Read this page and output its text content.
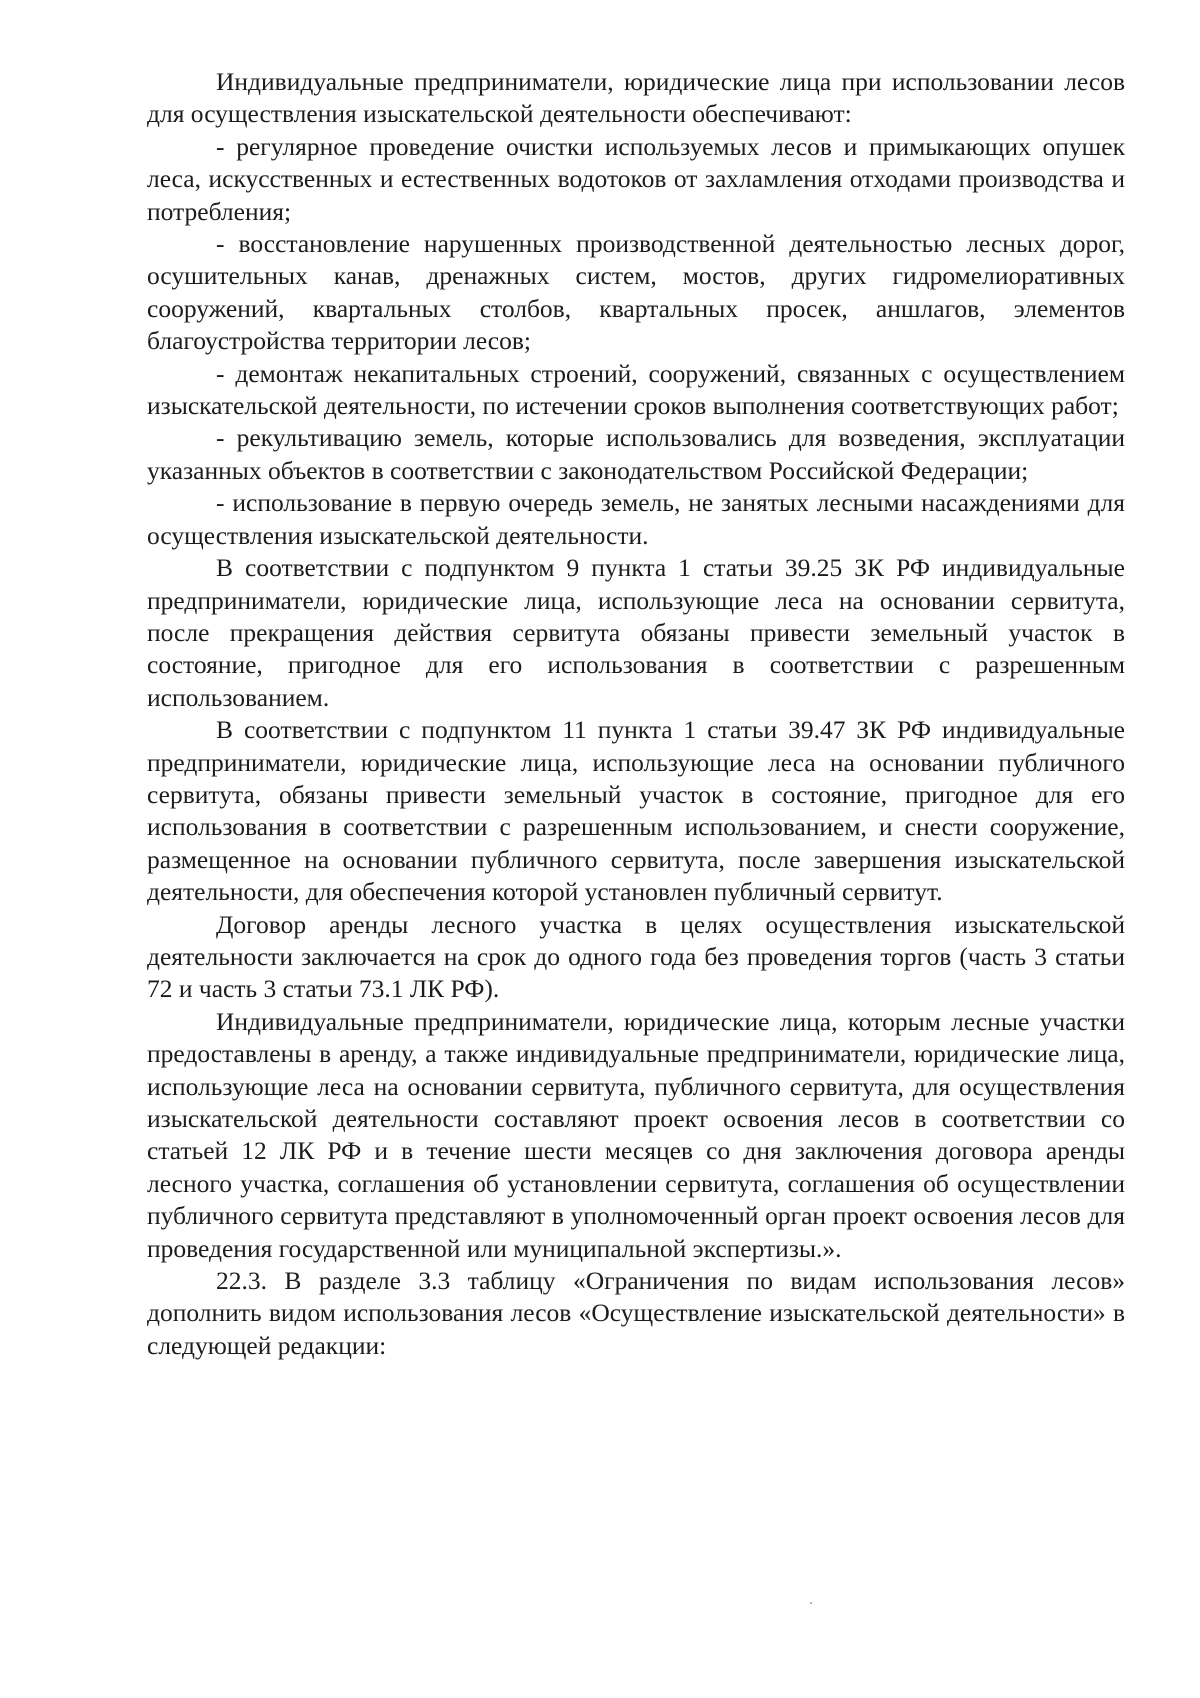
Индивидуальные предприниматели, юридические лица при использовании лесов для осуществления изыскательской деятельности обеспечивают:

- регулярное проведение очистки используемых лесов и примыкающих опушек леса, искусственных и естественных водотоков от захламления отходами производства и потребления;

- восстановление нарушенных производственной деятельностью лесных дорог, осушительных канав, дренажных систем, мостов, других гидромелиоративных сооружений, квартальных столбов, квартальных просек, аншлагов, элементов благоустройства территории лесов;

- демонтаж некапитальных строений, сооружений, связанных с осуществлением изыскательской деятельности, по истечении сроков выполнения соответствующих работ;

- рекультивацию земель, которые использовались для возведения, эксплуатации указанных объектов в соответствии с законодательством Российской Федерации;

- использование в первую очередь земель, не занятых лесными насаждениями для осуществления изыскательской деятельности.

В соответствии с подпунктом 9 пункта 1 статьи 39.25 ЗК РФ индивидуальные предприниматели, юридические лица, использующие леса на основании сервитута, после прекращения действия сервитута обязаны привести земельный участок в состояние, пригодное для его использования в соответствии с разрешенным использованием.

В соответствии с подпунктом 11 пункта 1 статьи 39.47 ЗК РФ индивидуальные предприниматели, юридические лица, использующие леса на основании публичного сервитута, обязаны привести земельный участок в состояние, пригодное для его использования в соответствии с разрешенным использованием, и снести сооружение, размещенное на основании публичного сервитута, после завершения изыскательской деятельности, для обеспечения которой установлен публичный сервитут.

Договор аренды лесного участка в целях осуществления изыскательской деятельности заключается на срок до одного года без проведения торгов (часть 3 статьи 72 и часть 3 статьи 73.1 ЛК РФ).

Индивидуальные предприниматели, юридические лица, которым лесные участки предоставлены в аренду, а также индивидуальные предприниматели, юридические лица, использующие леса на основании сервитута, публичного сервитута, для осуществления изыскательской деятельности составляют проект освоения лесов в соответствии со статьей 12 ЛК РФ и в течение шести месяцев со дня заключения договора аренды лесного участка, соглашения об установлении сервитута, соглашения об осуществлении публичного сервитута представляют в уполномоченный орган проект освоения лесов для проведения государственной или муниципальной экспертизы.».

22.3. В разделе 3.3 таблицу «Ограничения по видам использования лесов» дополнить видом использования лесов «Осуществление изыскательской деятельности» в следующей редакции:
